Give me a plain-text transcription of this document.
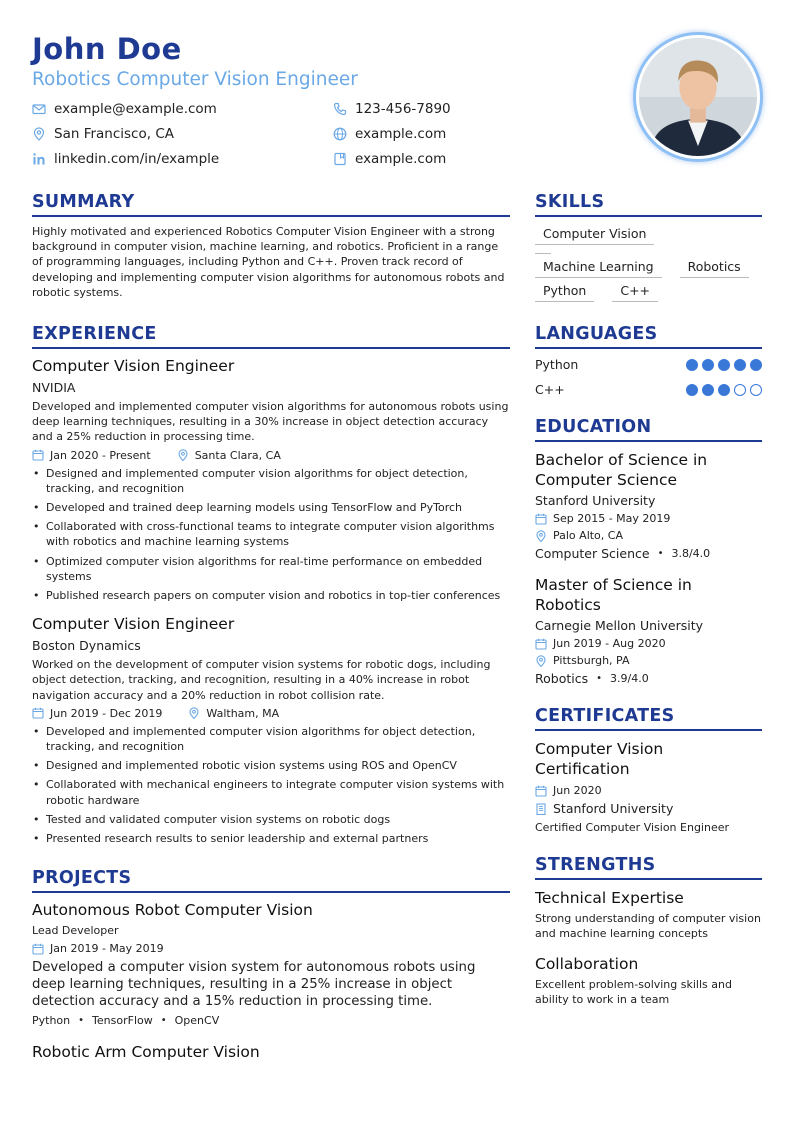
John Doe
Robotics Computer Vision Engineer
example@example.com	123-456-7890
San Francisco, CA	example.com
linkedin.com/in/example	example.com
SUMMARY
Highly motivated and experienced Robotics Computer Vision Engineer with a strong background in computer vision, machine learning, and robotics. Proficient in a range of programming languages, including Python and C++. Proven track record of developing and implementing computer vision algorithms for autonomous robots and robotic systems.
EXPERIENCE
Computer Vision Engineer
NVIDIA
Developed and implemented computer vision algorithms for autonomous robots using deep learning techniques, resulting in a 30% increase in object detection accuracy and a 25% reduction in processing time.
Jan 2020 - Present	Santa Clara, CA
• Designed and implemented computer vision algorithms for object detection, tracking, and recognition
• Developed and trained deep learning models using TensorFlow and PyTorch
• Collaborated with cross-functional teams to integrate computer vision algorithms with robotics and machine learning systems
• Optimized computer vision algorithms for real-time performance on embedded systems
• Published research papers on computer vision and robotics in top-tier conferences
Computer Vision Engineer
Boston Dynamics
Worked on the development of computer vision systems for robotic dogs, including object detection, tracking, and recognition, resulting in a 40% increase in robot navigation accuracy and a 20% reduction in robot collision rate.
Jun 2019 - Dec 2019	Waltham, MA
• Developed and implemented computer vision algorithms for object detection, tracking, and recognition
• Designed and implemented robotic vision systems using ROS and OpenCV
• Collaborated with mechanical engineers to integrate computer vision systems with robotic hardware
• Tested and validated computer vision systems on robotic dogs
• Presented research results to senior leadership and external partners
PROJECTS
Autonomous Robot Computer Vision
Lead Developer
Jan 2019 - May 2019
Developed a computer vision system for autonomous robots using deep learning techniques, resulting in a 25% increase in object detection accuracy and a 15% reduction in processing time.
Python • TensorFlow • OpenCV
Robotic Arm Computer Vision
SKILLS
Computer Vision
Machine Learning	Robotics
Python	C++
LANGUAGES
Python
C++
EDUCATION
Bachelor of Science in Computer Science
Stanford University
Sep 2015 - May 2019
Palo Alto, CA
Computer Science • 3.8/4.0
Master of Science in Robotics
Carnegie Mellon University
Jun 2019 - Aug 2020
Pittsburgh, PA
Robotics • 3.9/4.0
CERTIFICATES
Computer Vision Certification
Jun 2020
Stanford University
Certified Computer Vision Engineer
STRENGTHS
Technical Expertise
Strong understanding of computer vision and machine learning concepts
Collaboration
Excellent problem-solving skills and ability to work in a team
